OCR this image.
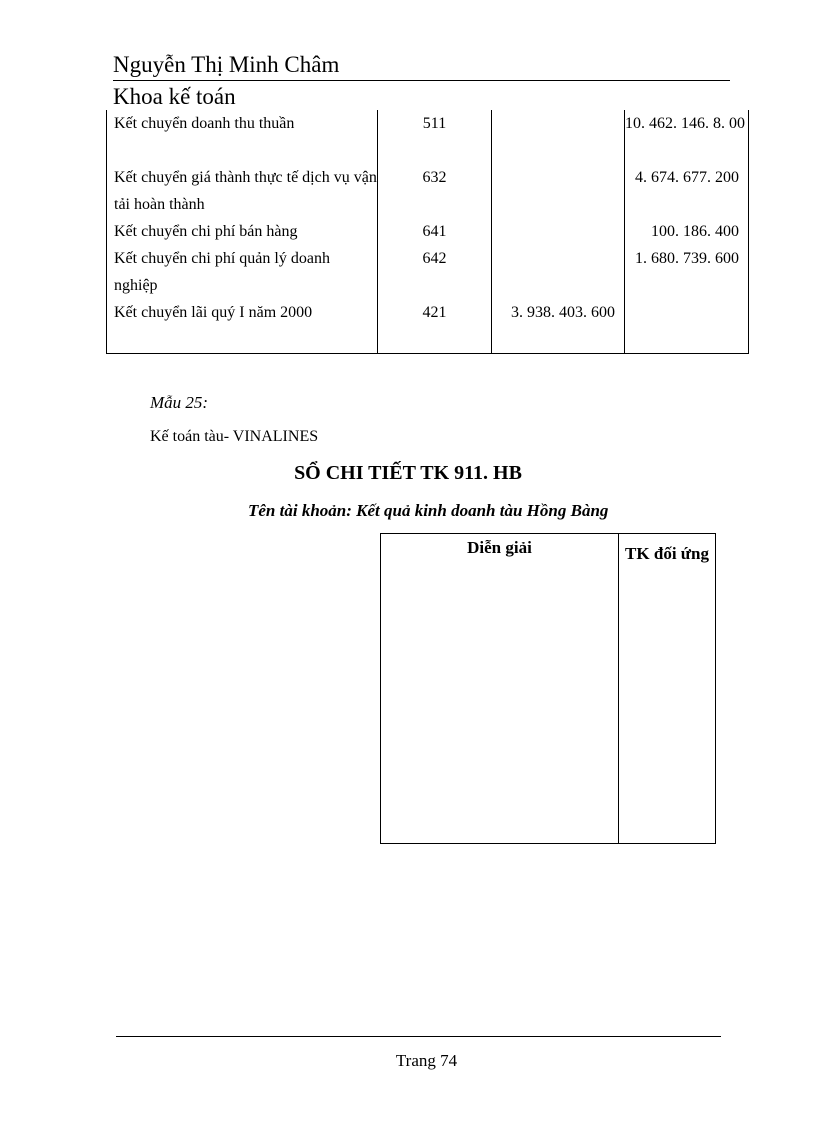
Nguyễn Thị Minh Châm
Khoa kế toán
Kết chuyển doanh thu thuần	511		10. 462. 146. 8. 00
Kết chuyển giá thành thực tế dịch vụ vận tải hoàn thành	632		4. 674. 677. 200
Kết chuyển chi phí bán hàng	641		100. 186. 400
Kết chuyển chi phí quản lý doanh nghiệp	642		1. 680. 739. 600
Kết chuyển lãi quý I năm 2000	421	3. 938. 403. 600	
Mẫu 25:
Kế toán tàu- VINALINES
SỔ CHI TIẾT TK 911. HB
Tên tài khoản: Kết quả kinh doanh tàu Hồng Bàng
Diễn giải	TK đối ứng
Trang 74
